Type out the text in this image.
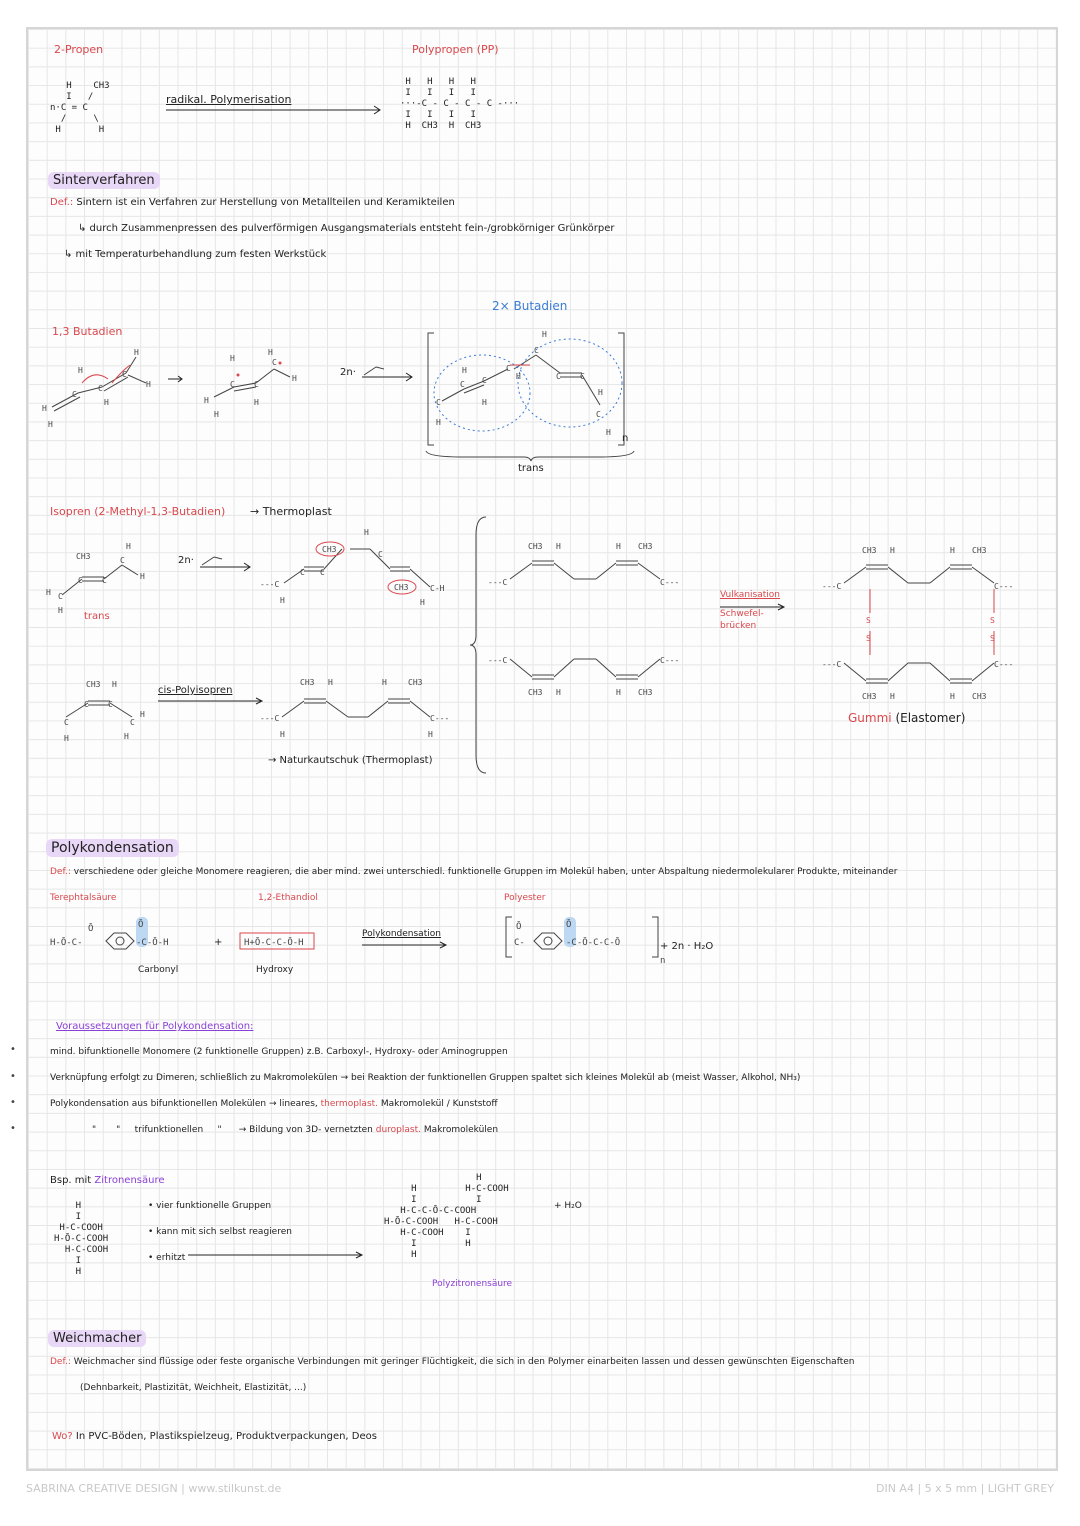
2-Propen
H    CH3
I   /
n·C = C
/     \
H       H
radikal. Polymerisation
Polypropen (PP)
H   H   H   H
I   I   I   I
···-C - C - C - C -···
I   I   I   I
H  CH3  H  CH3
Sinterverfahren
Def.: Sintern ist ein Verfahren zur Herstellung von Metallteilen und Keramikteilen
↳ durch Zusammenpressen des pulverförmigen Ausgangsmaterials entsteht fein-/grobkörniger Grünkörper
↳ mit Temperaturbehandlung zum festen Werkstück
1,3 Butadien
H
C
C
C
H
H
H
H
H	H
H
C C
C
H
H
H
H
2n·
2× Butadien
C
C C
C
C
C C
C
H
H
H
H
H
H
H
n
trans
Isopren (2-Methyl-1,3-Butadien) → Thermoplast
CH3
C C
C
H
H
C
H
H
trans
2n·
CH3
CH3
---C
C C
H
C
C-H
H	H
CH3 H
C C
C	C
H
H
H
cis-Polyisopren
CH3 H	H	CH3
---C	C---
H	H
→ Naturkautschuk (Thermoplast)
CH3 H	H CH3
---C	C---
---C	C---
CH3 H	H CH3
Vulkanisation
Schwefel-
brücken
CH3 H	H CH3
---C	C---
---C	C---
CH3 H	H CH3
S
S
S
S
Gummi (Elastomer)
Polykondensation
Def.: verschiedene oder gleiche Monomere reagieren, die aber mind. zwei unterschiedl. funktionelle Gruppen im Molekül haben, unter Abspaltung niedermolekularer Produkte, miteinander
Terephtalsäure	1,2-Ethandiol	Polyester
H-Ō-C-
Ō
-C-Ō-H
Ō
H+Ō-C-C-Ō-H
Carbonyl
+
Hydroxy
Polykondensation
C-	-C-Ō-C-C-Ō
Ō	Ō
n
+ 2n · H₂O
Voraussetzungen für Polykondensation:
mind. bifunktionelle Monomere (2 funktionelle Gruppen) z.B. Carboxyl-, Hydroxy- oder Aminogruppen
Verknüpfung erfolgt zu Dimeren, schließlich zu Makromolekülen → bei Reaktion der funktionellen Gruppen spaltet sich kleines Molekül ab (meist Wasser, Alkohol, NH₃)
Polykondensation aus bifunktionellen Molekülen → lineares, thermoplast. Makromolekül / Kunststoff
"       "     trifunktionellen     "      → Bildung von 3D- vernetzten duroplast. Makromolekülen
Bsp. mit Zitronensäure
H
I
H-C-COOH
H-Ō-C-COOH
H-C-COOH
I
H
• vier funktionelle Gruppen
• kann mit sich selbst reagieren
• erhitzt
H
H         H-C-COOH
I           I
H-C-C-Ō-C-COOH
H-Ō-C-COOH   H-C-COOH
H-C-COOH    I
I         H
H
+ H₂O
Polyzitronensäure
Weichmacher
Def.: Weichmacher sind flüssige oder feste organische Verbindungen mit geringer Flüchtigkeit, die sich in den Polymer einarbeiten lassen und dessen gewünschten Eigenschaften
(Dehnbarkeit, Plastizität, Weichheit, Elastizität, ...)
Wo? In PVC-Böden, Plastikspielzeug, Produktverpackungen, Deos
•
•
•
•
SABRINA CREATIVE DESIGN | www.stilkunst.de	DIN A4 | 5 x 5 mm | LIGHT GREY
